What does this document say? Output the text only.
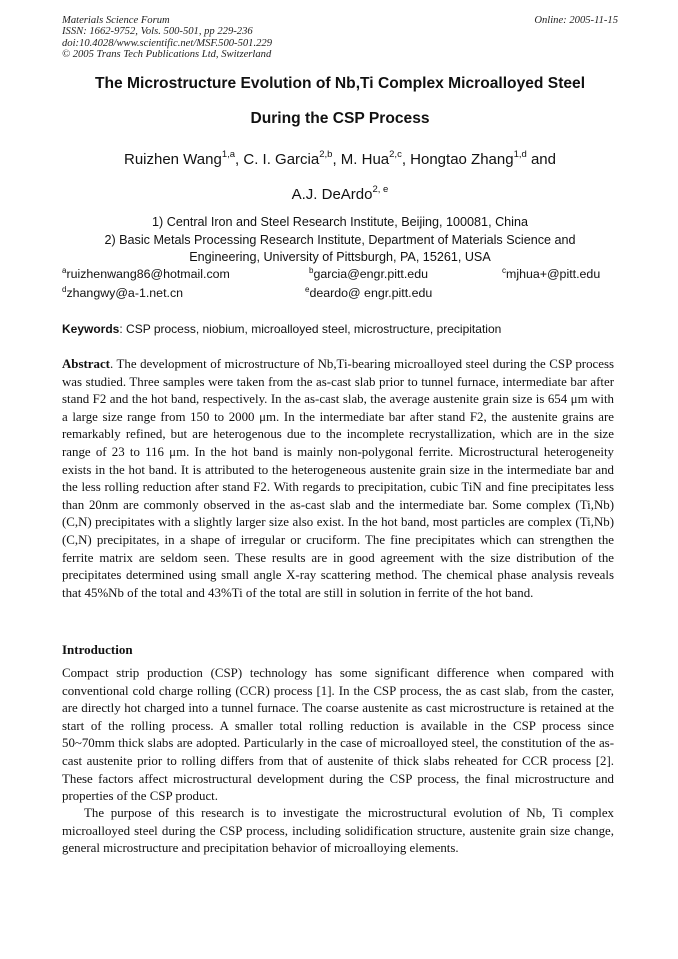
Materials Science Forum
ISSN: 1662-9752, Vols. 500-501, pp 229-236
doi:10.4028/www.scientific.net/MSF.500-501.229
© 2005 Trans Tech Publications Ltd, Switzerland
Online: 2005-11-15
The Microstructure Evolution of Nb,Ti Complex Microalloyed Steel
During the CSP Process
Ruizhen Wang$^{1,a}$, C. I. Garcia$^{2,b}$, M. Hua$^{2,c}$, Hongtao Zhang$^{1,d}$ and
A.J. DeArdo$^{2, e}$
1) Central Iron and Steel Research Institute, Beijing, 100081, China
2) Basic Metals Processing Research Institute, Department of Materials Science and
Engineering, University of Pittsburgh, PA, 15261, USA
$^a$ruizhenwang86@hotmail.com	$^b$garcia@engr.pitt.edu	$^c$mjhua+@pitt.edu
$^d$zhangwy@a-1.net.cn	$^e$deardo@ engr.pitt.edu
Keywords: CSP process, niobium, microalloyed steel, microstructure, precipitation
Abstract. The development of microstructure of Nb,Ti-bearing microalloyed steel during the CSP process was studied. Three samples were taken from the as-cast slab prior to tunnel furnace, intermediate bar after stand F2 and the hot band, respectively. In the as-cast slab, the average austenite grain size is 654 μm with a large size range from 150 to 2000 μm. In the intermediate bar after stand F2, the austenite grains are remarkably refined, but are heterogenous due to the incomplete recrystallization, which are in the size range of 23 to 116 μm. In the hot band is mainly non-polygonal ferrite. Microstructural heterogeneity exists in the hot band. It is attributed to the heterogeneous austenite grain size in the intermediate bar and the less rolling reduction after stand F2. With regards to precipitation, cubic TiN and fine precipitates less than 20nm are commonly observed in the as-cast slab and the intermediate bar. Some complex (Ti,Nb)(C,N) precipitates with a slightly larger size also exist. In the hot band, most particles are complex (Ti,Nb)(C,N) precipitates, in a shape of irregular or cruciform. The fine precipitates which can strengthen the ferrite matrix are seldom seen. These results are in good agreement with the size distribution of the precipitates determined using small angle X-ray scattering method. The chemical phase analysis reveals that 45%Nb of the total and 43%Ti of the total are still in solution in ferrite of the hot band.
Introduction
Compact strip production (CSP) technology has some significant difference when compared with conventional cold charge rolling (CCR) process [1]. In the CSP process, the as cast slab, from the caster, are directly hot charged into a tunnel furnace. The coarse austenite as cast microstructure is retained at the start of the rolling process. A smaller total rolling reduction is available in the CSP process since 50~70mm thick slabs are adopted. Particularly in the case of microalloyed steel, the constitution of the as-cast austenite prior to rolling differs from that of austenite of thick slabs reheated for CCR process [2]. These factors affect microstructural development during the CSP process, the final microstructure and properties of the CSP product.
The purpose of this research is to investigate the microstructural evolution of Nb, Ti complex microalloyed steel during the CSP process, including solidification structure, austenite grain size change, general microstructure and precipitation behavior of microalloying elements.
